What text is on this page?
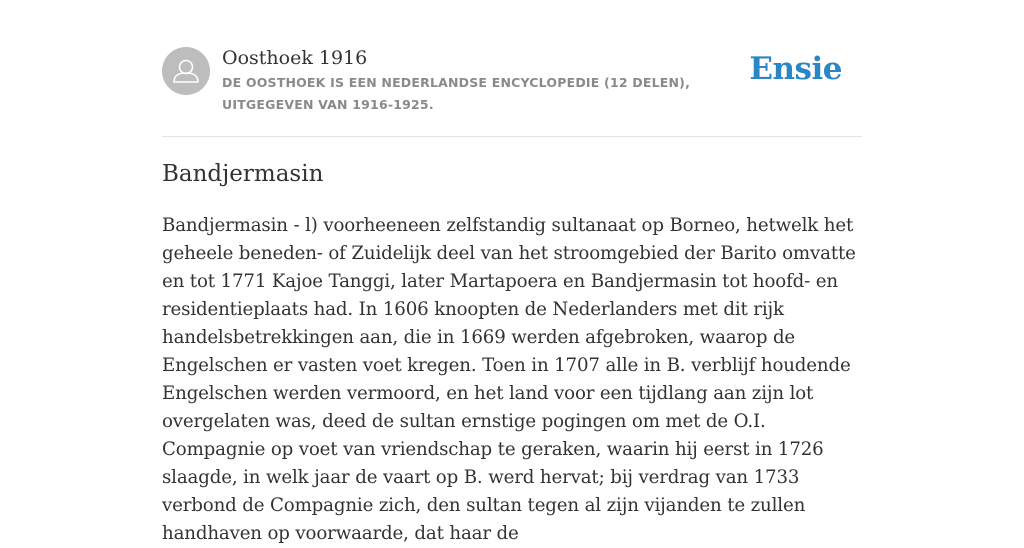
Oosthoek 1916

DE OOSTHOEK IS EEN NEDERLANDSE ENCYCLOPEDIE (12 DELEN), UITGEGEVEN VAN 1916-1925.

Ensie
Bandjermasin

Bandjermasin - l) voorheeneen zelfstandig sultanaat op Borneo, hetwelk het geheele beneden- of Zuidelijk deel van het stroomgebied der Barito omvatte en tot 1771 Kajoe Tanggi, later Martapoera en Bandjermasin tot hoofd- en residentieplaats had. In 1606 knoopten de Nederlanders met dit rijk handelsbetrekkingen aan, die in 1669 werden afgebroken, waarop de Engelschen er vasten voet kregen. Toen in 1707 alle in B. verblijf houdende Engelschen werden vermoord, en het land voor een tijdlang aan zijn lot overgelaten was, deed de sultan ernstige pogingen om met de O.I. Compagnie op voet van vriendschap te geraken, waarin hij eerst in 1726 slaagde, in welk jaar de vaart op B. werd hervat; bij verdrag van 1733 verbond de Compagnie zich, den sultan tegen al zijn vijanden te zullen handhaven op voorwaarde, dat haar de
